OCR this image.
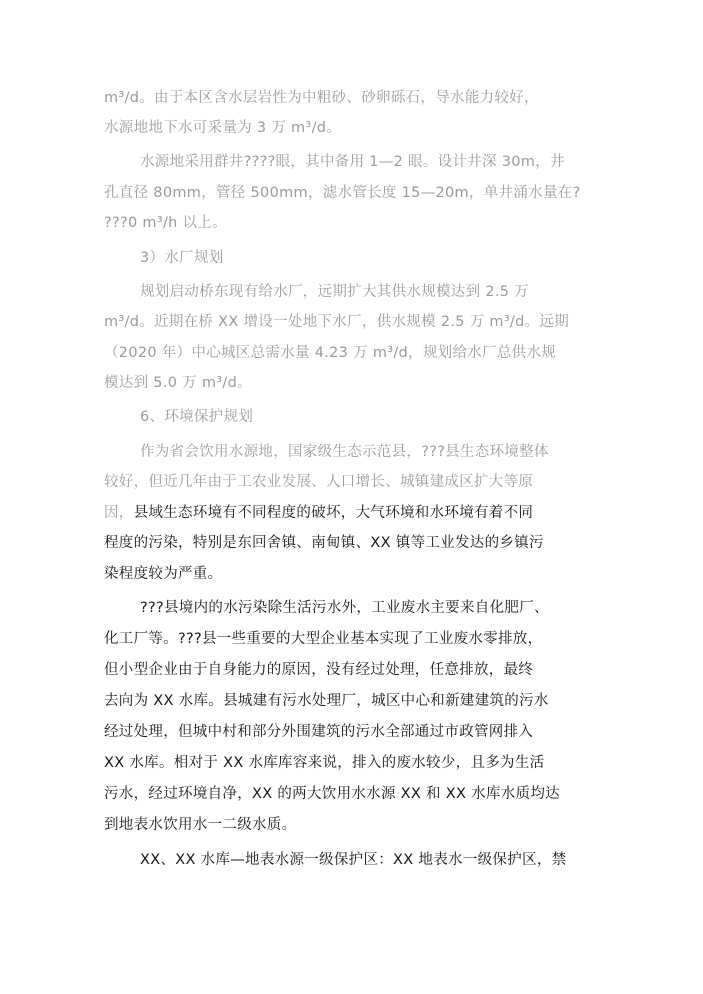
m³/d。由于本区含水层岩性为中粗砂、砂卵砾石，导水能力较好，
水源地地下水可采量为 3 万 m³/d。
水源地采用群井????眼，其中备用 1—2 眼。设计井深 30m，井
孔直径 80mm，管径 500mm，滤水管长度 15—20m，单井涌水量在?
???0 m³/h 以上。
3）水厂规划
规划启动桥东现有给水厂，远期扩大其供水规模达到 2.5 万
m³/d。近期在桥 XX 增设一处地下水厂，供水规模 2.5 万 m³/d。远期
（2020 年）中心城区总需水量 4.23 万 m³/d，规划给水厂总供水规
模达到 5.0 万 m³/d。
6、环境保护规划
作为省会饮用水源地，国家级生态示范县，???县生态环境整体
较好，但近几年由于工农业发展、人口增长、城镇建成区扩大等原
因，县域生态环境有不同程度的破坏，大气环境和水环境有着不同
程度的污染，特别是东回舍镇、南甸镇、XX 镇等工业发达的乡镇污
染程度较为严重。
???县境内的水污染除生活污水外，工业废水主要来自化肥厂、
化工厂等。???县一些重要的大型企业基本实现了工业废水零排放，
但小型企业由于自身能力的原因，没有经过处理，任意排放，最终
去向为 XX 水库。县城建有污水处理厂，城区中心和新建建筑的污水
经过处理，但城中村和部分外围建筑的污水全部通过市政管网排入
XX 水库。相对于 XX 水库库容来说，排入的废水较少，且多为生活
污水，经过环境自净，XX 的两大饮用水水源 XX 和 XX 水库水质均达
到地表水饮用水一二级水质。
XX、XX 水库—地表水源一级保护区：XX 地表水一级保护区，禁
